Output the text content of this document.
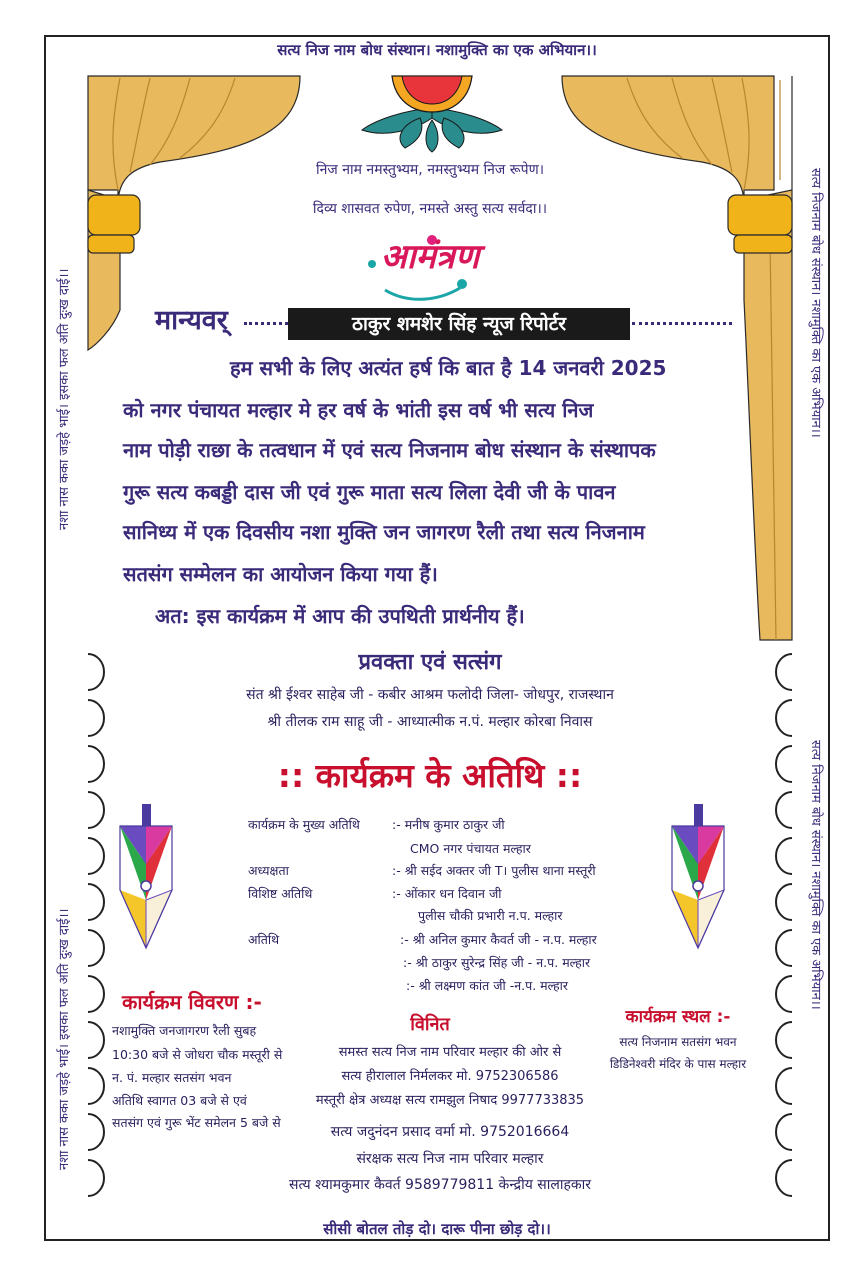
सत्य निज नाम बोध संस्थान। नशामुक्ति का एक अभियान।।
नशा नास कका जड़हे भाई। इसका फल अति दुःख दाई।।
नशा नास कका जड़हे भाई। इसका फल अति दुःख दाई।।
सत्य निजनाम बोध संस्थान। नशामुक्ति का एक अभियान।।
सत्य निजनाम बोध संस्थान। नशामुक्ति का एक अभियान।।
निज नाम नमस्तुभ्यम, नमस्तुभ्यम निज रूपेण।
दिव्य शासवत रुपेण, नमस्ते अस्तु सत्य सर्वदा।।
आमंत्रण
मान्यवर्	ठाकुर शमशेर सिंह न्यूज रिपोर्टर
हम सभी के लिए अत्यंत हर्ष कि बात है 14 जनवरी 2025
को नगर पंचायत मल्हार मे हर वर्ष के भांती इस वर्ष भी सत्य निज
नाम पोड़ी राछा के तत्वधान में एवं सत्य निजनाम बोध संस्थान के संस्थापक
गुरू सत्य कबड्डी दास जी एवं गुरू माता सत्य लिला देवी जी के पावन
सानिध्य में एक दिवसीय नशा मुक्ति जन जागरण रैली तथा सत्य निजनाम
सतसंग सम्मेलन का आयोजन किया गया हैं।
अत: इस कार्यक्रम में आप की उपथिती प्रार्थनीय हैं।
प्रवक्ता एवं सत्संग
संत श्री ईश्वर साहेब जी - कबीर आश्रम फलोदी जिला- जोधपुर, राजस्थान
श्री तीलक राम साहू जी - आध्यात्मीक न.पं. मल्हार कोरबा निवास
:: कार्यक्रम के अतिथि ::
कार्यक्रम के मुख्य अतिथि	:- मनीष कुमार ठाकुर जी
CMO नगर पंचायत मल्हार
अध्यक्षता	:- श्री सईद अक्तर जी T। पुलीस थाना मस्तूरी
विशिष्ट अतिथि	:- ओंकार धन दिवान जी
पुलीस चौकी प्रभारी न.प. मल्हार
अतिथि	:- श्री अनिल कुमार कैवर्त जी - न.प. मल्हार
:- श्री ठाकुर सुरेन्द्र सिंह जी - न.प. मल्हार
:- श्री लक्ष्मण कांत जी -न.प. मल्हार
कार्यक्रम विवरण :-
नशामुक्ति जनजागरण रैली सुबह
10:30 बजे से जोधरा चौक मस्तूरी से
न. पं. मल्हार सतसंग भवन
अतिथि स्वागत 03 बजे से एवं
सतसंग एवं गुरू भेंट समेलन 5 बजे से
विनित
समस्त सत्य निज नाम परिवार मल्हार की ओर से
सत्य हीरालाल निर्मलकर मो. 9752306586
मस्तूरी क्षेत्र अध्यक्ष सत्य रामझुल निषाद 9977733835
सत्य जदुनंदन प्रसाद वर्मा मो. 9752016664
संरक्षक सत्य निज नाम परिवार मल्हार
सत्य श्यामकुमार कैवर्त 9589779811 केन्द्रीय सालाहकार
कार्यक्रम स्थल :-
सत्य निजनाम सतसंग भवन
डिडिनेश्वरी मंदिर के पास मल्हार
सीसी बोतल तोड़ दो। दारू पीना छोड़ दो।।
